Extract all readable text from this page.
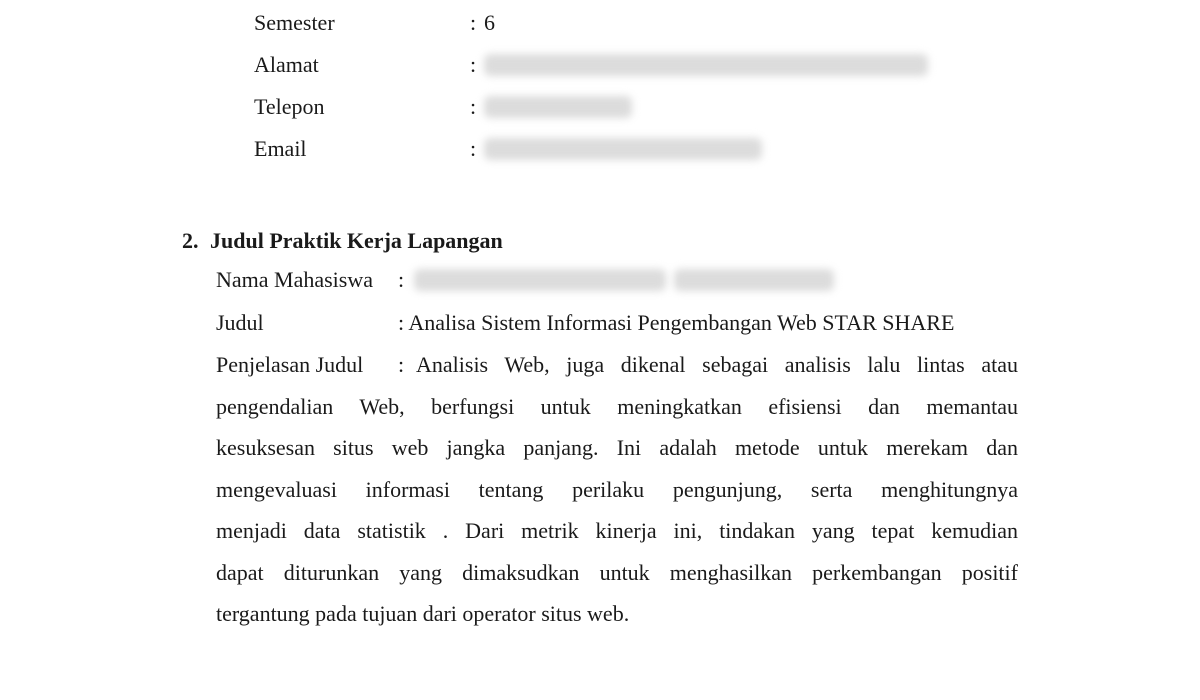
Semester	: 6
Alamat	:
Telepon	:
Email	:
2. Judul Praktik Kerja Lapangan
Nama Mahasiswa :
Judul	: Analisa Sistem Informasi Pengembangan Web STAR SHARE
Penjelasan Judul : Analisis Web, juga dikenal sebagai analisis lalu lintas atau
pengendalian Web, berfungsi untuk meningkatkan efisiensi dan memantau
kesuksesan situs web jangka panjang. Ini adalah metode untuk merekam dan
mengevaluasi informasi tentang perilaku pengunjung, serta menghitungnya
menjadi data statistik . Dari metrik kinerja ini, tindakan yang tepat kemudian
dapat diturunkan yang dimaksudkan untuk menghasilkan perkembangan positif
tergantung pada tujuan dari operator situs web.
